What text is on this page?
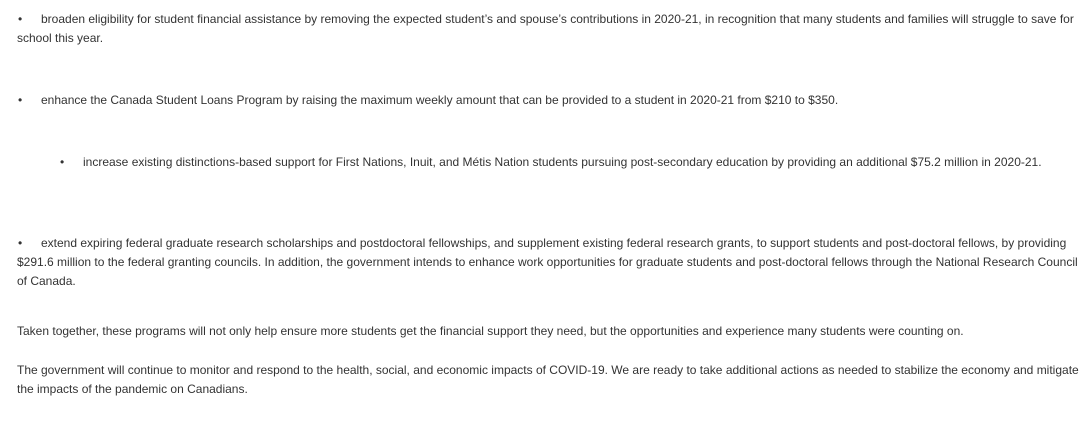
• broaden eligibility for student financial assistance by removing the expected student’s and spouse’s contributions in 2020-21, in recognition that many students and families will struggle to save for school this year.

• enhance the Canada Student Loans Program by raising the maximum weekly amount that can be provided to a student in 2020-21 from $210 to $350.

• increase existing distinctions-based support for First Nations, Inuit, and Métis Nation students pursuing post-secondary education by providing an additional $75.2 million in 2020-21.

• extend expiring federal graduate research scholarships and postdoctoral fellowships, and supplement existing federal research grants, to support students and post-doctoral fellows, by providing $291.6 million to the federal granting councils. In addition, the government intends to enhance work opportunities for graduate students and post-doctoral fellows through the National Research Council of Canada.

Taken together, these programs will not only help ensure more students get the financial support they need, but the opportunities and experience many students were counting on.

The government will continue to monitor and respond to the health, social, and economic impacts of COVID-19. We are ready to take additional actions as needed to stabilize the economy and mitigate the impacts of the pandemic on Canadians.
